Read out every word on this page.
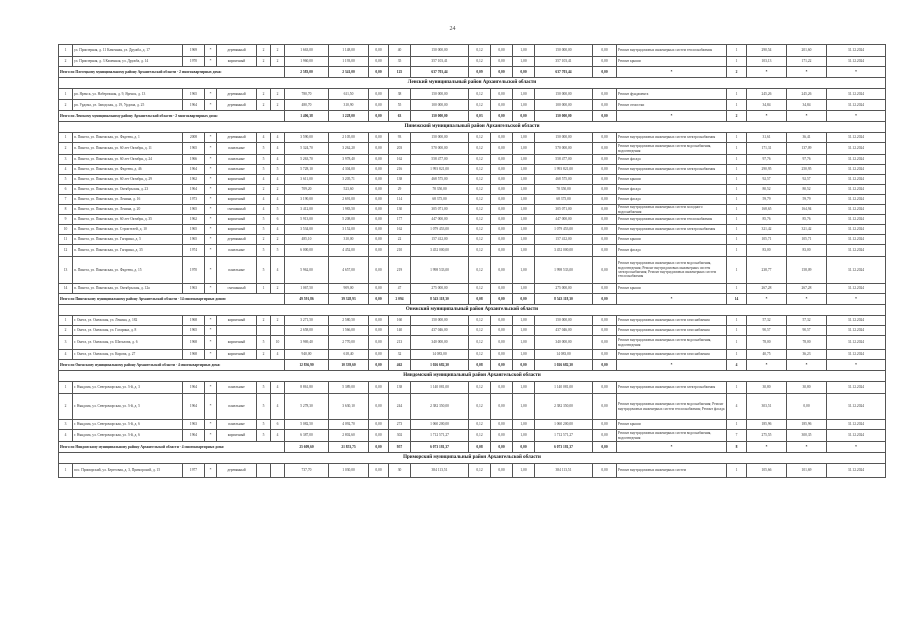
24
1	ул. Приозерная, д. 11 Каменная, ул. Дружба, д. 17	1969	*	деревянный	2	2	1 663,00	1 148,00	0,00	40	150 000,00	0,12	0,00	1,00	150 000,00	0,00	Ремонт внутридомовых инженерных систем теплоснабжения	1	290,54	201,60	31.12.2024
2	ул. Приозерная, д. 3 Каменная, ул. Дружба, д. 14	1970	*	кирпичный	2	2	1 960,00	1 193,00	0,00	35	357 103,41	0,12	0,00	1,00	357 103,41	0,00	Ремонт крыши	1	103,13	171,22	31.12.2024
Итого по Плесецкому муниципальному району Архангельской области - 2 многоквартирных дома:							2 583,00	2 341,00	0,00	125	637 703,44	0,09	0,00	0,00	637 703,44	0,00	*	2	*	*	*
Ленский муниципальный район Архангельской области																					
1	рп. Яренск, ул. Набережная, д. 9, Яренск, д. 13	1965	*	деревянный	2	2	780,70	611,50	0,00	38	150 000,00	0,12	0,00	1,00	150 000,00	0,00	Ремонт фундамента	1	245,26	245,26	31.12.2024
2	рп. Урдома, ул. Заводская, д. 19, Урдома, д. 25	1964	*	деревянный	2	2	480,70	310,90	0,00	55	100 000,00	0,12	0,00	1,00	100 000,00	0,00	Ремонт отмостки	1	34,84	34,84	31.12.2024
Итого по Ленскому муниципальному району Архангельской области - 2 многоквартирных дома:							1 406,38	1 228,00	0,00	63	150 000,00	0,03	0,00	0,00	150 000,00	0,00	*	2	*	*	*
Пинежский муниципальный район Архангельской области																					
1	п. Пинега, ул. Пинежская, ул. Фадеева, д. 1	2008	*	деревянный	4	4	3 590,00	2 105,00	0,00	93	150 000,00	0,12	0,00	1,00	150 000,00	0,00	Ремонт внутридомовых инженерных систем электроснабжения	1	31,61	36,41	31.12.2024
2	п. Пинега, ул. Пинежская, ул. 60 лет Октября, д. 11	1965	*	панельные	5	4	5 324,70	3 262,20	0,00	203	570 000,00	0,12	0,00	1,00	570 000,00	0,00	Ремонт внутридомовых инженерных систем водоснабжения, водоотведения	1	171,31	137,09	31.12.2024
3	п. Пинега, ул. Пинежская, ул. 60 лет Октября, д. 24	1966	*	панельные	5	4	5 263,70	3 978,40	0,00	162	558 477,00	0,12	0,00	1,00	558 477,00	0,00	Ремонт фасада	1	97,76	97,76	31.12.2024
4	п. Пинега, ул. Пинежская, ул. Фадеева, д. 46	1964	*	панельные	5	5	5 728,10	4 304,00	0,00	216	1 993 821,00	0,12	0,00	1,00	1 993 821,00	0,00	Ремонт внутридомовых инженерных систем электроснабжения	1	290,95	250,95	31.12.2024
5	п. Пинега, ул. Пинежская, ул. 60 лет Октября, д. 29	1962	*	кирпичный	4	4	3 611,00	3 205,71	0,00	138	468 575,00	0,12	0,00	1,00	468 575,00	0,00	Ремонт крыши	1	92,57	92,57	31.12.2024
6	п. Пинега, ул. Пинежская, ул. Октябрьская, д. 23	1964	*	кирпичный	2	2	709,20	523,60	0,00	29	78 350,00	0,12	0,00	1,00	78 350,00	0,00	Ремонт фасада	1	80,52	80,52	31.12.2024
7	п. Пинега, ул. Пинежская, ул. Ленина, д. 16	1973	*	кирпичный	4	4	3 190,00	2 691,00	0,00	114	68 375,00	0,12	0,00	1,00	68 375,00	0,00	Ремонт фасада	1	59,79	59,79	31.12.2024
8	п. Пинега, ул. Пинежская, ул. Ленина, д. 20	1965	*	смешанный	4	5	3 412,00	1 983,50	0,00	130	305 071,00	0,12	0,00	1,00	305 071,00	0,00	Ремонт внутридомовых инженерных систем холодного водоснабжения	1	168,65	164,94	31.12.2024
9	п. Пинега, ул. Пинежская, ул. 60 лет Октября, д. 35	1962	*	кирпичный	5	6	5 913,00	5 208,00	0,00	177	447 000,00	0,12	0,00	1,00	447 000,00	0,00	Ремонт внутридомовых инженерных систем теплоснабжения	1	85,76	85,76	31.12.2024
10	п. Пинега, ул. Пинежская, ул. Строителей, д. 10	1965	*	кирпичный	5	4	3 534,00	3 152,00	0,00	162	1 079 453,00	0,12	0,00	1,00	1 079 453,00	0,00	Ремонт внутридомовых инженерных систем электроснабжения	1	321,42	321,42	31.12.2024
11	п. Пинега, ул. Пинежская, ул. Гагарина, д. 5	1965	*	деревянный	2	2	485,10	310,00	0,00	22	157 412,00	0,12	0,00	1,00	157 412,00	0,00	Ремонт крыши	1	105,71	105,71	31.12.2024
12	п. Пинега, ул. Пинежская, ул. Гагарина, д. 35	1974	*	панельные	5	5	6 000,00	4 452,00	0,00	210	3 452 000,00	0,12	0,00	1,00	3 452 000,00	0,00	Ремонт фасада	1	83,00	83,00	31.12.2024
13	п. Пинега, ул. Пинежская, ул. Фадеева, д. 15	1970	*	панельные	5	4	5 962,00	4 657,00	0,00	219	1 998 533,00	0,12	0,00	1,00	1 998 533,00	0,00	Ремонт внутридомовых инженерных систем водоснабжения, водоотведения; Ремонт внутридомовых инженерных систем электроснабжения; Ремонт внутридомовых инженерных систем теплоснабжения	1	238,77	158,09	31.12.2024
14	п. Пинега, ул. Пинежская, ул. Октябрьская, д. 12а	1963	*	смешанный	1	2	1 067,50	909,00	0,00	47	275 000,00	0,12	0,00	1,00	275 000,00	0,00	Ремонт крыши	1	267,28	267,28	31.12.2024
Итого по Пинежскому муниципальному району Архангельской области - 14 многоквартирных домов:							49 591,86	39 328,93	0,00	2 094	8 543 118,30	0,08	0,00	0,00	8 543 118,30	0,00	*	14	*	*	*
Онежский муниципальный район Архангельской области																					
1	г. Онега, ул. Онежская, ул. Ленина, д. 182	1968	*	кирпичный	2	2	3 271,50	2 580,50	0,00	160	150 000,00	0,12	0,00	1,00	150 000,00	0,00	Ремонт внутридомовых инженерных систем газоснабжения	1	57,32	57,32	31.12.2024
2	г. Онега, ул. Онежская, ул. Гагарина, д. 8	1965	*				2 658,00	1 566,00	0,00	140	437 046,00	0,12	0,00	1,00	437 046,00	0,00	Ремонт внутридомовых инженерных систем газоснабжения	1	90,57	90,57	31.12.2024
3	г. Онега, ул. Онежская, ул. Шаталова, д. 6	1968	*	кирпичный	5	10	3 969,40	2 770,00	0,00	213	340 000,00	0,12	0,00	1,00	340 000,00	0,00	Ремонт внутридомовых инженерных систем водоснабжения, водоотведения	1	78,00	78,00	31.12.2024
4	г. Онега, ул. Онежская, ул. Кирова, д. 27	1968	*	кирпичный	2	4	940,00	618,40	0,00	32	14 083,00	0,12	0,00	1,00	14 083,00	0,00	Ремонт внутридомовых инженерных систем газоснабжения	1	40,75	36,23	31.12.2024
Итого по Онежскому муниципальному району Архангельской области - 4 многоквартирных дома:							12 836,90	10 339,60	0,00	462	1 026 682,30	0,08	0,00	0,00	1 026 682,30	0,00	*	4	*	*	*
Няндомский муниципальный район Архангельской области																					
1	г. Няндома, ул. Североморская, ул. 3-й, д. 3	1964	*	панельные	5	4	8 861,80	5 389,00	0,00	138	1 140 081,00	0,12	0,00	1,00	1 140 081,00	0,00	Ремонт внутридомовых инженерных систем электроснабжения	1	30,80	30,80	31.12.2024
2	г. Няндома, ул. Североморская, ул. 3-й, д. 5	1964	*	панельные	5	4	5 278,30	3 630,10	0,00	244	2 382 350,00	0,12	0,00	1,00	2 382 350,00	0,00	Ремонт внутридомовых инженерных систем водоснабжения; Ремонт внутридомовых инженерных систем теплоснабжения; Ремонт фасада	4	303,51	0,00	31.12.2024
3	г. Няндома, ул. Североморская, ул. 3-й, д. 6	1963	*	панельные	5	6	5 082,50	4 092,70	0,00	273	1 060 200,00	0,12	0,00	1,00	1 060 200,00	0,00	Ремонт крыши	1	185,96	185,96	31.12.2024
4	г. Няндома, ул. Североморская, ул. 3-й, д. 6	1964	*	кирпичный	5	4	6 387,00	2 802,60	0,00	302	1 712 571,27	0,12	0,00	1,00	1 712 571,27	0,00	Ремонт внутридомовых инженерных систем водоснабжения, водоотведения	7	275,55	300,35	31.12.2024
Итого по Няндомскому муниципальному району Архангельской области - 4 многоквартирных дома:							25 609,60	21 853,75	0,00	957	6 073 181,37	0,08	0,00	0,00	6 073 181,37	0,00	*	8	*	*	*
Приморский муниципальный район Архангельской области																					
1	пос. Приморский, ул. Береговая, д. 3, Приморский, д. 15	1977	*	деревянный			737,70	1 030,00	0,00	30	384 113,51	0,12	0,00	1,00	384 113,51	0,00	Ремонт внутридомовых инженерных систем	1	105,66	101,69	31.12.2024
